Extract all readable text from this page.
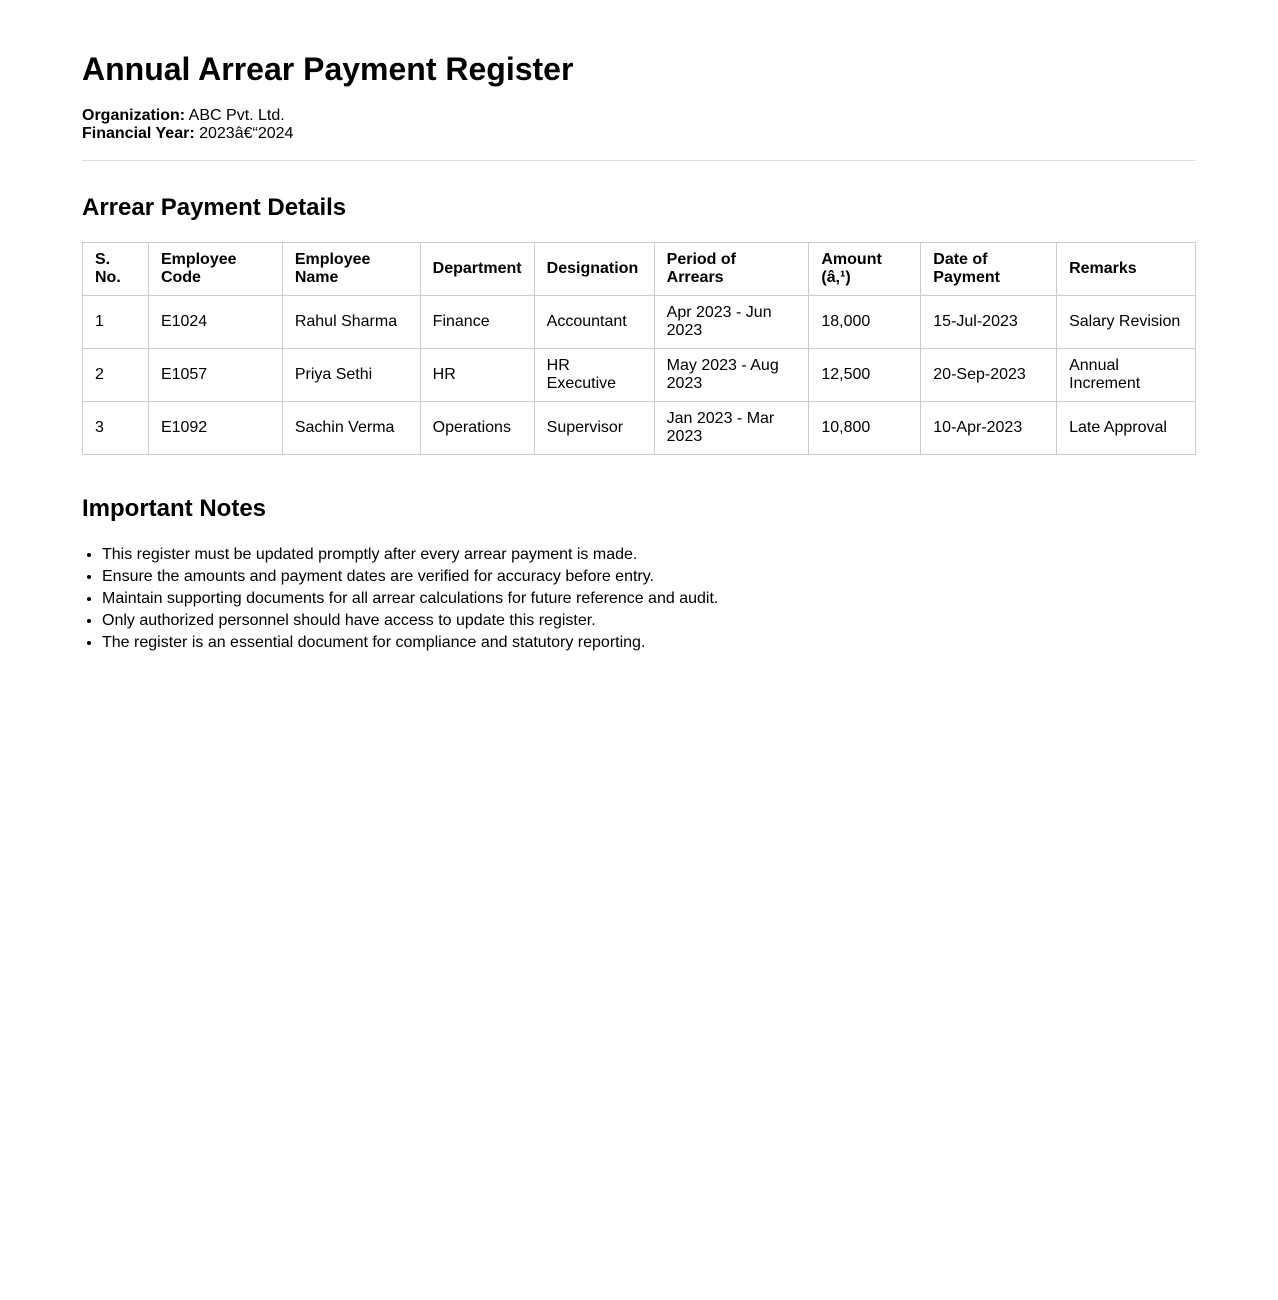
Annual Arrear Payment Register
Organization: ABC Pvt. Ltd.
Financial Year: 2023â€“2024
Arrear Payment Details
S. No.	Employee Code	Employee Name	Department	Designation	Period of Arrears	Amount (â‚¹)	Date of Payment	Remarks
1	E1024	Rahul Sharma	Finance	Accountant	Apr 2023 - Jun 2023	18,000	15-Jul-2023	Salary Revision
2	E1057	Priya Sethi	HR	HR Executive	May 2023 - Aug 2023	12,500	20-Sep-2023	Annual Increment
3	E1092	Sachin Verma	Operations	Supervisor	Jan 2023 - Mar 2023	10,800	10-Apr-2023	Late Approval
Important Notes
• This register must be updated promptly after every arrear payment is made.
• Ensure the amounts and payment dates are verified for accuracy before entry.
• Maintain supporting documents for all arrear calculations for future reference and audit.
• Only authorized personnel should have access to update this register.
• The register is an essential document for compliance and statutory reporting.
